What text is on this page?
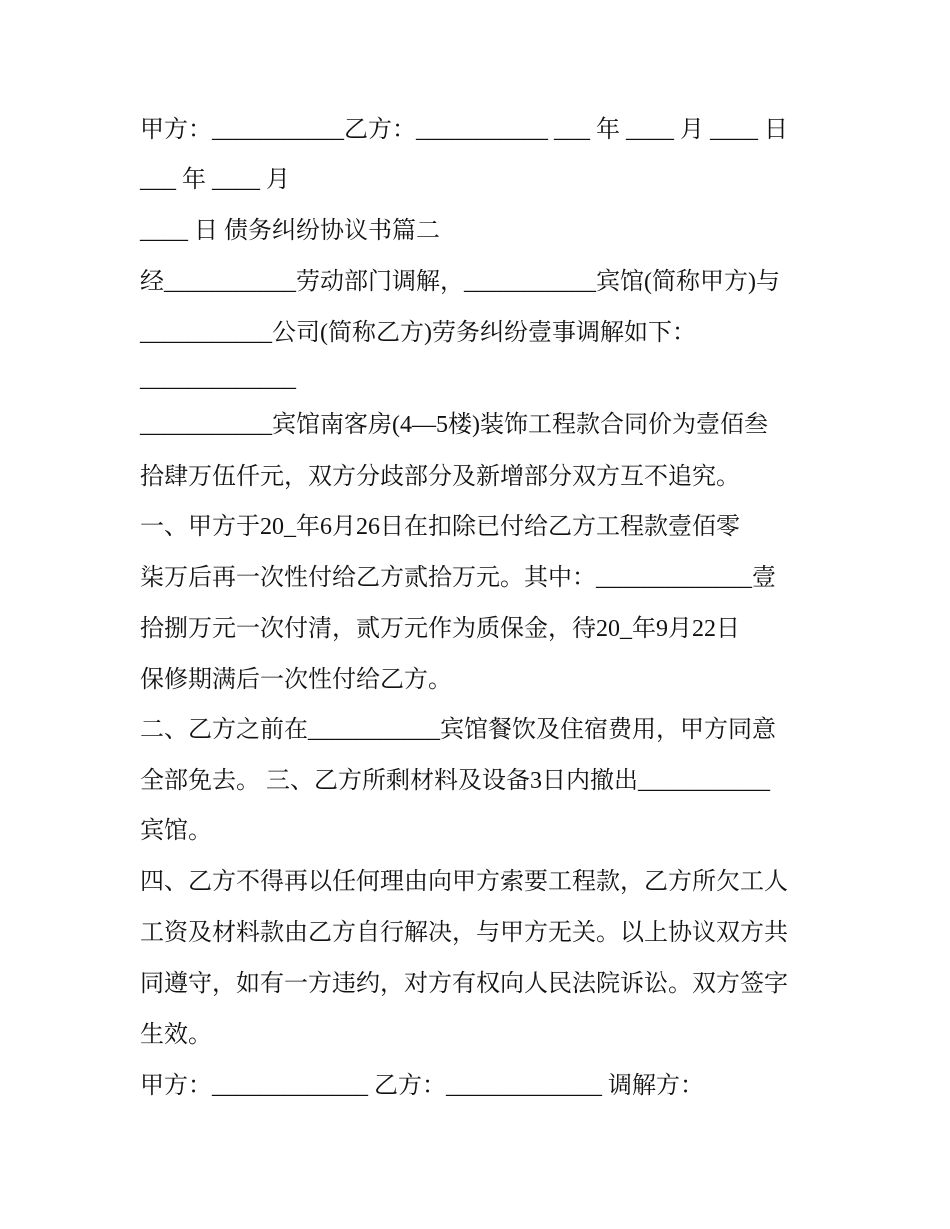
甲方：___________乙方：___________ ___ 年 ____ 月 ____ 日
___ 年 ____ 月
____ 日 债务纠纷协议书篇二
经___________劳动部门调解，___________宾馆(简称甲方)与
___________公司(简称乙方)劳务纠纷壹事调解如下：
_____________
___________宾馆南客房(4—5楼)装饰工程款合同价为壹佰叁
拾肆万伍仟元，双方分歧部分及新增部分双方互不追究。
一、甲方于20_年6月26日在扣除已付给乙方工程款壹佰零
柒万后再一次性付给乙方贰拾万元。其中：_____________壹
拾捌万元一次付清，贰万元作为质保金，待20_年9月22日
保修期满后一次性付给乙方。
二、乙方之前在___________宾馆餐饮及住宿费用，甲方同意
全部免去。 三、乙方所剩材料及设备3日内撤出___________
宾馆。
四、乙方不得再以任何理由向甲方索要工程款，乙方所欠工人
工资及材料款由乙方自行解决，与甲方无关。以上协议双方共
同遵守，如有一方违约，对方有权向人民法院诉讼。双方签字
生效。
甲方：_____________ 乙方：_____________ 调解方：
